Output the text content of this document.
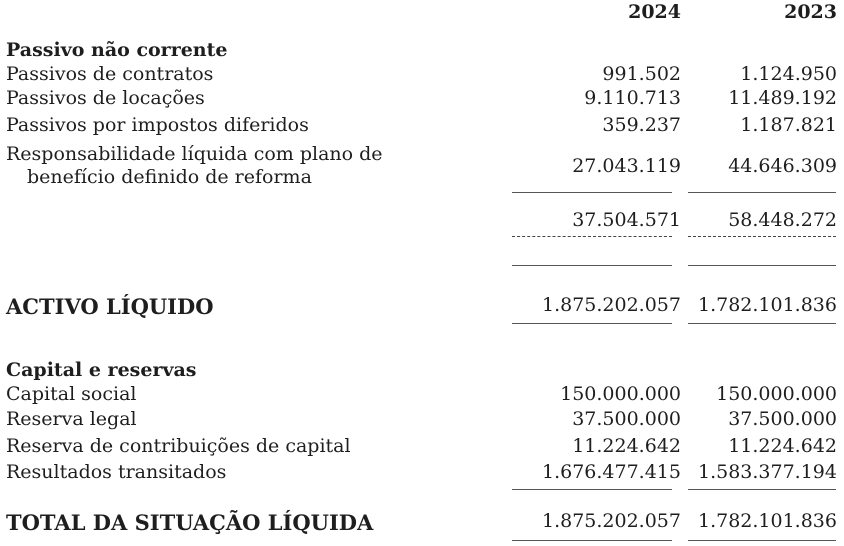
2024	2023
Passivo não corrente
Passivos de contratos	991.502	1.124.950
Passivos de locações	9.110.713 11.489.192
Passivos por impostos diferidos	359.237	1.187.821
Responsabilidade líquida com plano de
benefício definido de reforma	27.043.119 44.646.309
37.504.571 58.448.272
ACTIVO LÍQUIDO	1.875.202.057 1.782.101.836
Capital e reservas
Capital social	150.000.000 150.000.000
Reserva legal	37.500.000 37.500.000
Reserva de contribuições de capital	11.224.642 11.224.642
Resultados transitados	1.676.477.415 1.583.377.194
TOTAL DA SITUAÇÃO LÍQUIDA	1.875.202.057 1.782.101.836
